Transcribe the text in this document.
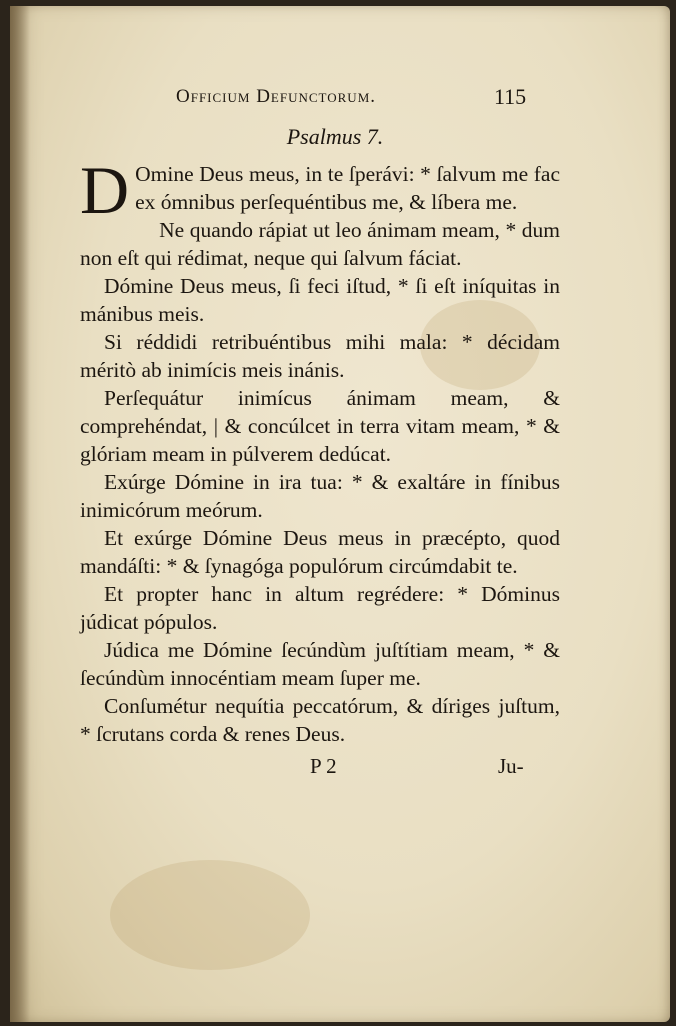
Officium Defunctorum.	115
Psalmus 7.

D Omine Deus meus, in te ſperávi: * ſalvum me fac ex ómnibus perſequéntibus me, & líbera me.

Ne quando rápiat ut leo ánimam meam, * dum non eſt qui rédimat, neque qui ſalvum fáciat.

Dómine Deus meus, ſi feci iſtud, * ſi eſt iníquitas in mánibus meis.

Si réddidi retribuéntibus mihi mala: * décidam méritò ab inimícis meis inánis.

Perſequátur inimícus ánimam meam, & comprehéndat, | & concúlcet in terra vitam meam, * & glóriam meam in púlverem dedúcat.

Exúrge Dómine in ira tua: * & exaltáre in fínibus inimicórum meórum.

Et exúrge Dómine Deus meus in præcépto, quod mandáſti: * & ſynagóga populórum circúmdabit te.

Et propter hanc in altum regrédere: * Dóminus júdicat pópulos.

Júdica me Dómine ſecúndùm juſtítiam meam, * & ſecúndùm innocéntiam meam ſuper me.

Conſumétur nequítia peccatórum, & díriges juſtum, * ſcrutans corda & renes Deus.

P 2	Ju-
